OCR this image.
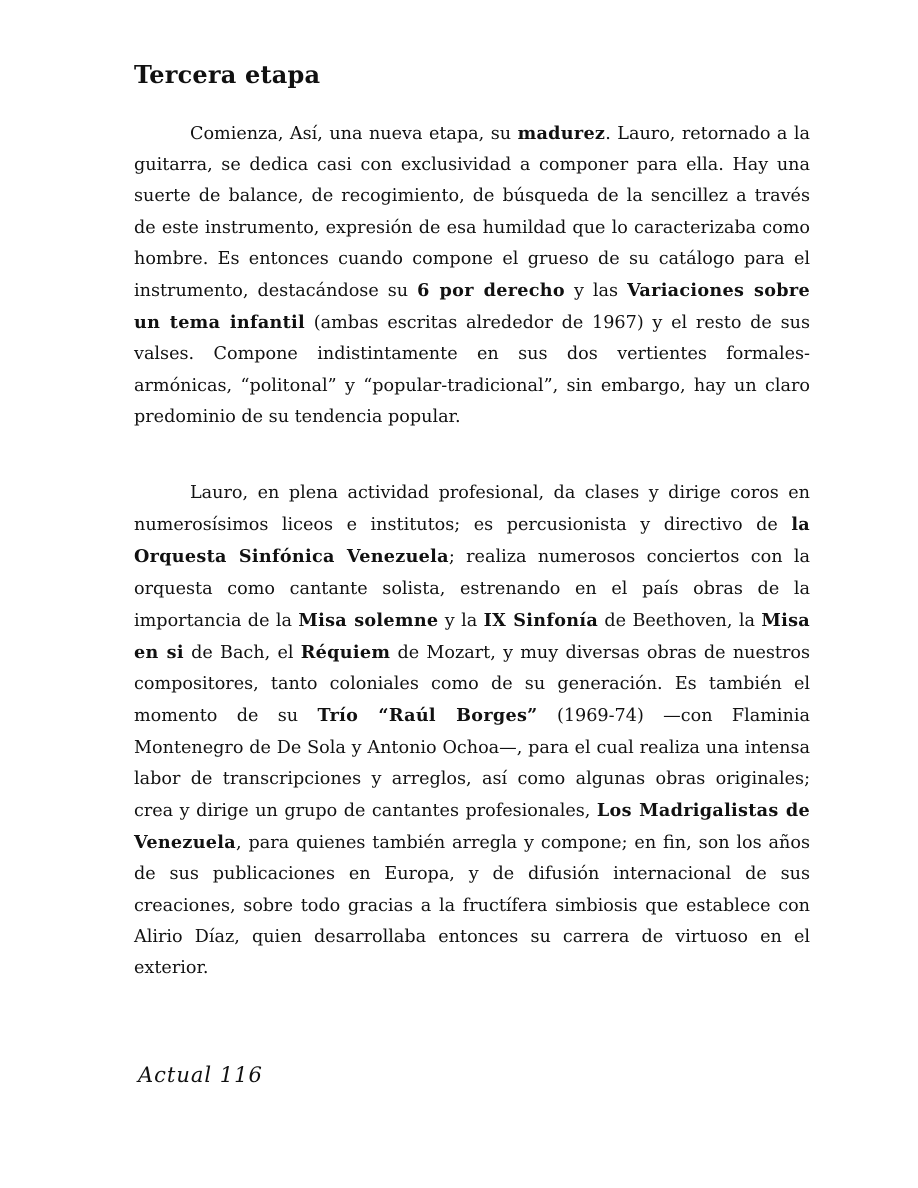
Tercera etapa

Comienza, Así, una nueva etapa, su madurez. Lauro, retornado a la guitarra, se dedica casi con exclusividad a componer para ella. Hay una suerte de balance, de recogimiento, de búsqueda de la sencillez a través de este instrumento, expresión de esa humildad que lo caracterizaba como hombre. Es entonces cuando compone el grueso de su catálogo para el instrumento, destacándose su 6 por derecho y las Variaciones sobre un tema infantil (ambas escritas alrededor de 1967) y el resto de sus valses. Compone indistintamente en sus dos vertientes formales-armónicas, “politonal” y “popular-tradicional”, sin embargo, hay un claro predominio de su tendencia popular.

Lauro, en plena actividad profesional, da clases y dirige coros en numerosísimos liceos e institutos; es percusionista y directivo de la Orquesta Sinfónica Venezuela; realiza numerosos conciertos con la orquesta como cantante solista, estrenando en el país obras de la importancia de la Misa solemne y la IX Sinfonía de Beethoven, la Misa en si de Bach, el Réquiem de Mozart, y muy diversas obras de nuestros compositores, tanto coloniales como de su generación. Es también el momento de su Trío “Raúl Borges” (1969-74) —con Flaminia Montenegro de De Sola y Antonio Ochoa—, para el cual realiza una intensa labor de transcripciones y arreglos, así como algunas obras originales; crea y dirige un grupo de cantantes profesionales, Los Madrigalistas de Venezuela, para quienes también arregla y compone; en fin, son los años de sus publicaciones en Europa, y de difusión internacional de sus creaciones, sobre todo gracias a la fructífera simbiosis que establece con Alirio Díaz, quien desarrollaba entonces su carrera de virtuoso en el exterior.

Actual 116
